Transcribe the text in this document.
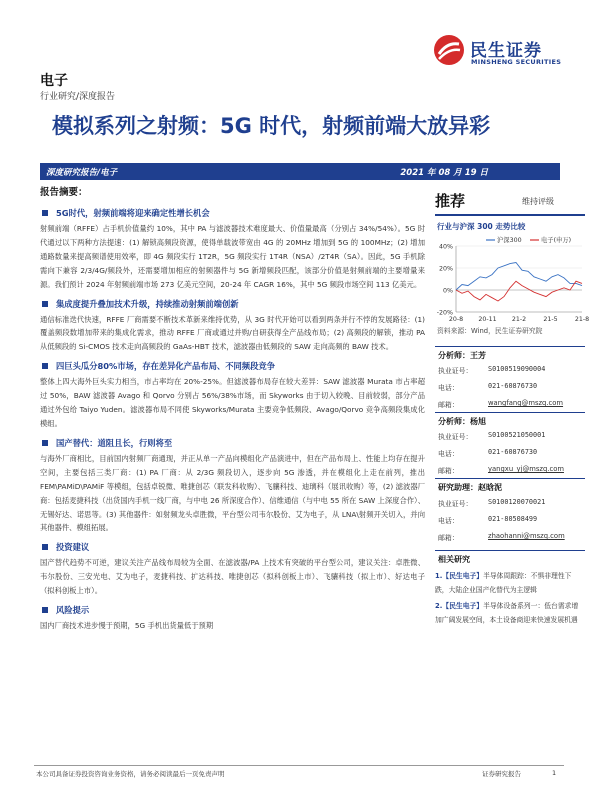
民生证券
MINSHENG SECURITIES
电子
行业研究/深度报告
模拟系列之射频：5G 时代，射频前端大放异彩
深度研究报告/电子	2021 年 08 月 19 日
报告摘要：
5G时代，射频前端将迎来确定性增长机会

射频前端（RFFE）占手机价值量约 10%，其中 PA 与滤波器技术难度最大、价值量最高（分别占 34%/54%）。5G 时代通过以下两种方法提速：(1) 解锁高频段资源，使得单载波带宽由 4G 的 20MHz 增加到 5G 的 100MHz；(2) 增加通路数量来提高频谱使用效率，即 4G 频段实行 1T2R，5G 频段实行 1T4R（NSA）/2T4R（SA）。因此，5G 手机除需向下兼容 2/3/4G/频段外，还需要增加相应的射频器件与 5G 新增频段匹配，该部分价值是射频前端的主要增量来源。我们预计 2024 年射频前端市场 273 亿美元空间，20-24 年 CAGR 16%，其中 5G 频段市场空间 113 亿美元。

集成度提升叠加技术升级，持续推动射频前端创新

通信标准迭代快速，RFFE 厂商需要不断技术革新来维持优势，从 3G 时代开始可以看到两条并行不悖的发展路径：(1) 覆盖频段数增加带来的集成化需求，推动 RFFE 厂商或通过并购/自研获得全产品线布局；(2) 高频段的解锁，推动 PA 从低频段的 Si-CMOS 技术走向高频段的 GaAs-HBT 技术，滤波器由低频段的 SAW 走向高频的 BAW 技术。

四巨头瓜分80%市场，存在差异化产品布局、不同频段竞争

整体上四大海外巨头实力相当，市占率均在 20%-25%。但滤波器布局存在较大差异：SAW 滤波器 Murata 市占率超过 50%，BAW 滤波器 Avago 和 Qorvo 分别占 56%/38%市场，而 Skyworks 由于切入较晚、目前较弱，部分产品通过外包给 Taiyo Yuden。滤波器布局不同使 Skyworks/Murata 主要竞争低频段、Avago/Qorvo 竞争高频段集成化模组。

国产替代：道阻且长，行则将至

与海外厂商相比，目前国内射频厂商通现，并正从单一产品向模组化产品演进中，但在产品布局上、性能上均存在提升空间，主要包括三类厂商：(1) PA 厂商：从 2/3G 频段切入，逐步向 5G 渗透，并在模组化上走在前列，推出 FEM\PAMiD\PAMiF 等模组，包括卓锐微、唯捷创芯（联发科收购）、飞骧科技、迪璃科（展讯收购）等，(2) 滤波器厂商：包括麦捷科技（出货国内手机一线厂商，与中电 26 所深度合作）、信维通信（与中电 55 所在 SAW 上深度合作）、无锡好达、诺思等。(3) 其他器件：如射频龙头卓胜微，平台型公司韦尔股份、艾为电子，从 LNA\射频开关切入，并向其他器件、模组拓展。

投资建议

国产替代趋势不可逆，建议关注产品线布局较为全面、在滤波器/PA 上技术有突破的平台型公司，建议关注：卓胜微、韦尔股份、三安光电、艾为电子，麦捷科技、扩达科技、唯捷创芯（拟科创板上市）、飞骧科技（拟上市）、好达电子（拟科创板上市）。

风险提示

国内厂商技术进步慢于预期，5G 手机出货量低于预期

推荐	维持评级
行业与沪深 300 走势比较
40%
20%
0%
-20%
20-8 20-11 21-2	21-5	21-8
沪深300	电子(申万)
资料来源：Wind，民生证券研究院
分析师：王芳
执业证号：	S0100519090004
电话：	021-60876730
邮箱：	wangfang@mszq.com
分析师：杨旭
执业证号：	S0100521050001
电话：	021-60876730
邮箱：	yangxu_yj@mszq.com
研究助理：赵晗泥
执业证号：	S0100120070021
电话：	021-80508499
邮箱：	zhaohanni@mszq.com
相关研究
1.【民生电子】半导体周跟踪：不惧非理性下跌，大陆企业国产化替代为主逻辑
2.【民生电子】半导体设备系列一：低台需求增加广阔发展空间，本土设备商迎来快速发展机遇
本公司具备证券投资咨询业务资格，请务必阅读最后一页免责声明	证券研究报告	1
